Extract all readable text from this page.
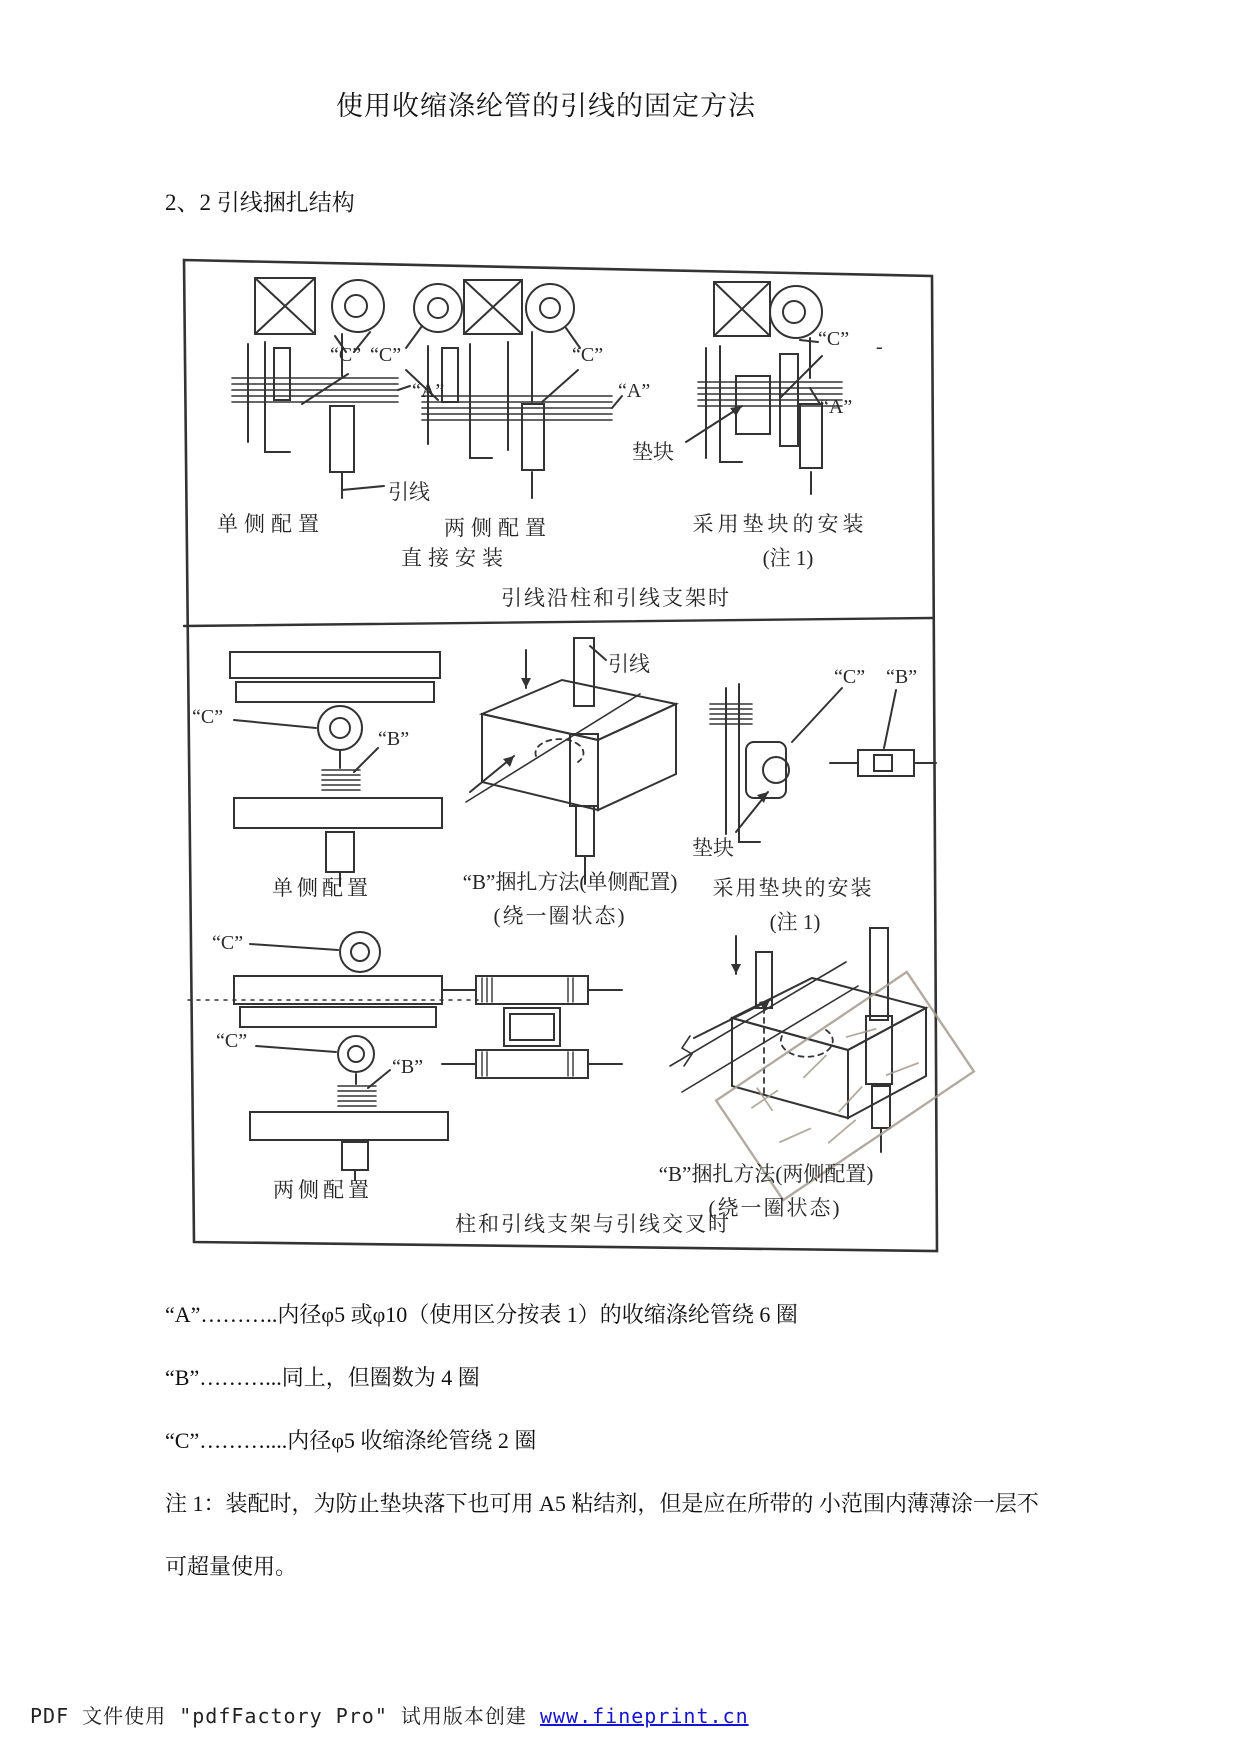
使用收缩涤纶管的引线的固定方法
2、2 引线捆扎结构
“C”
“A”
引线
“C”	“C”
“A”
“C”
“A”
-
垫块
单侧配置	两侧配置	采用垫块的安装
(注 1)
直接安装
引线沿柱和引线支架时
“C”
“B”
引线
“C” “B”
垫块
单侧配置	“B”捆扎方法(单侧配置)
(绕一圈状态)
采用垫块的安装
(注 1)
“C”
“C”
“B”
两侧配置
“B”捆扎方法(两侧配置)
(绕一圈状态)
柱和引线支架与引线交叉时
“A”………..内径φ5 或φ10（使用区分按表 1）的收缩涤纶管绕 6 圈
“B”………...同上，但圈数为 4 圈
“C”………....内径φ5 收缩涤纶管绕 2 圈
注 1：装配时，为防止垫块落下也可用 A5 粘结剂，但是应在所带的 小范围内薄薄涂一层不
可超量使用。
PDF 文件使用 "pdfFactory Pro" 试用版本创建 www.fineprint.cn
